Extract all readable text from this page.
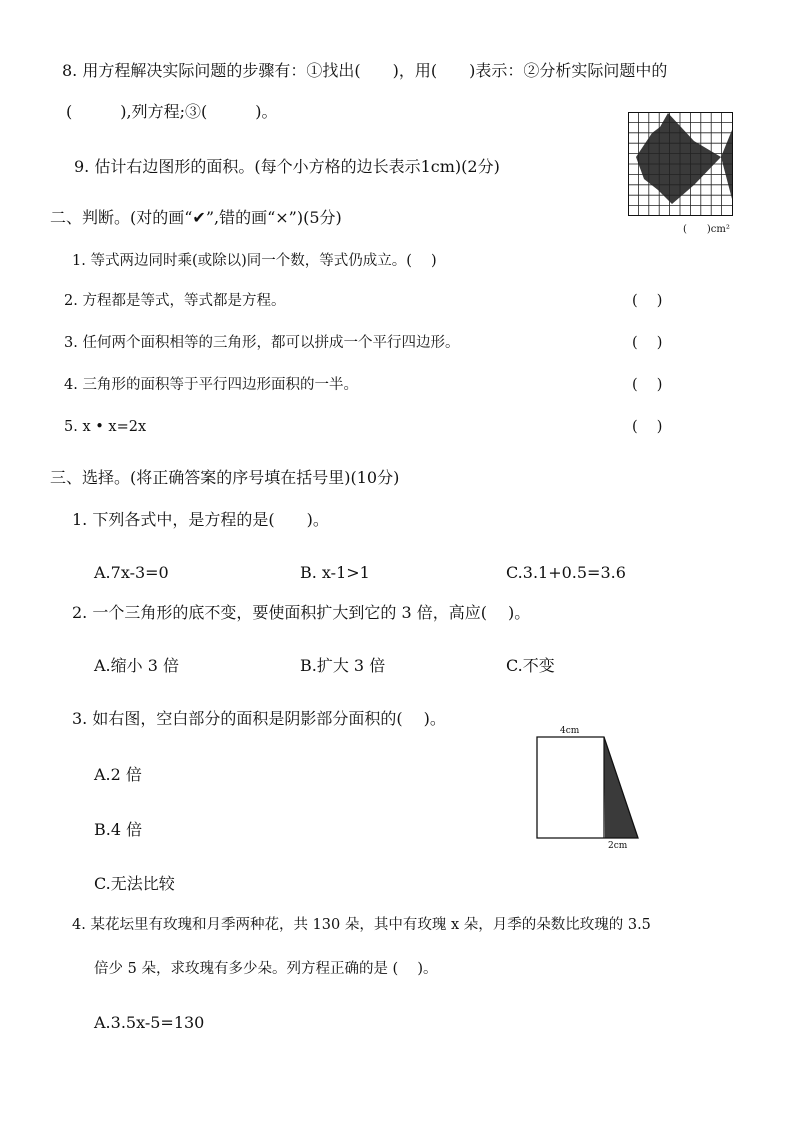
8. 用方程解决实际问题的步骤有：①找出(　　)，用(　　)表示：②分析实际问题中的
(　　　),列方程;③(　　　)。
9. 估计右边图形的面积。(每个小方格的边长表示1cm)(2分)
(　　)cm²
二、判断。(对的画“✔”,错的画“×”)(5分)
1. 等式两边同时乘(或除以)同一个数，等式仍成立。(　 )
2. 方程都是等式，等式都是方程。	(　 )
3. 任何两个面积相等的三角形，都可以拼成一个平行四边形。	(　 )
4. 三角形的面积等于平行四边形面积的一半。	(　 )
5. x • x=2x	(　 )
三、选择。(将正确答案的序号填在括号里)(10分)
1. 下列各式中，是方程的是(　　)。
A.7x-3=0	B. x-1>1	C.3.1+0.5=3.6
2. 一个三角形的底不变，要使面积扩大到它的 3 倍，高应(　 )。
A.缩小 3 倍	B.扩大 3 倍	C.不变
3. 如右图，空白部分的面积是阴影部分面积的(　 )。
A.2 倍
B.4 倍
C.无法比较
4cm
2cm
4. 某花坛里有玫瑰和月季两种花，共 130 朵，其中有玫瑰 x 朵，月季的朵数比玫瑰的 3.5
倍少 5 朵，求玫瑰有多少朵。列方程正确的是 (　 )。
A.3.5x-5=130
